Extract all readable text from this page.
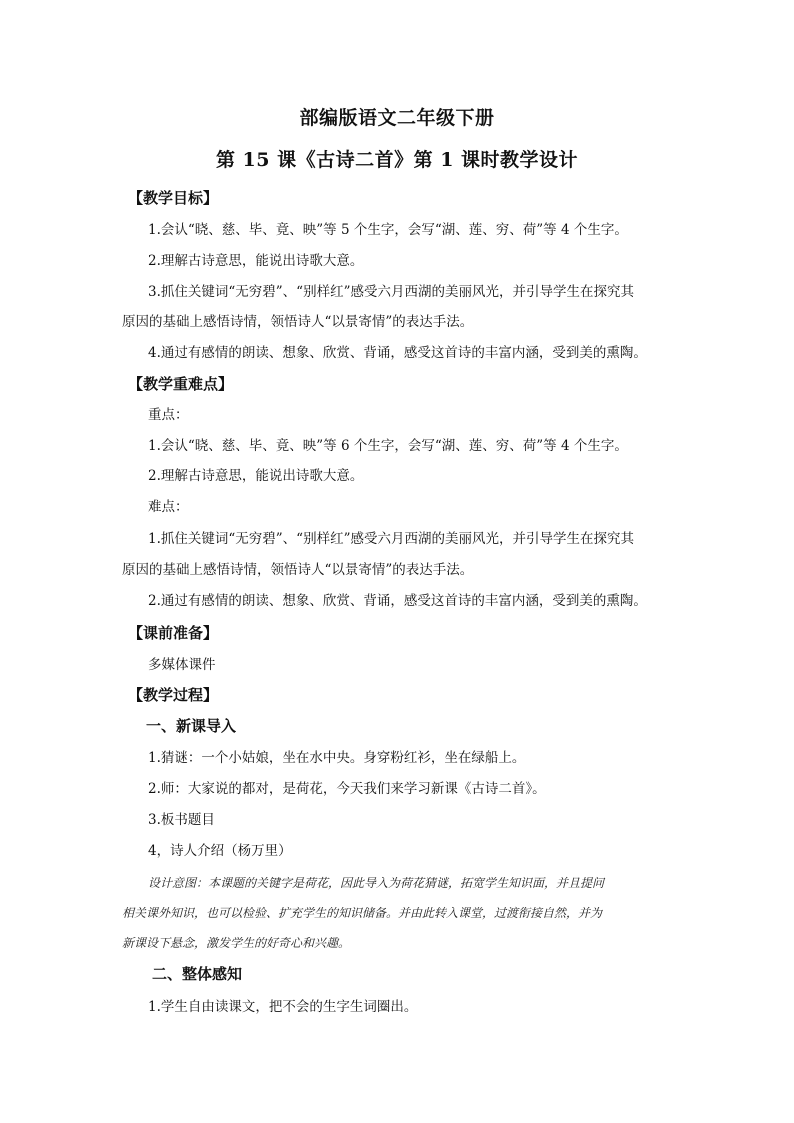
部编版语文二年级下册
第 15 课《古诗二首》第 1 课时教学设计
【教学目标】
1.会认“晓、慈、毕、竟、映”等 5 个生字，会写“湖、莲、穷、荷”等 4 个生字。
2.理解古诗意思，能说出诗歌大意。
3.抓住关键词“无穷碧”、“别样红”感受六月西湖的美丽风光，并引导学生在探究其
原因的基础上感悟诗情，领悟诗人“以景寄情”的表达手法。
4.通过有感情的朗读、想象、欣赏、背诵，感受这首诗的丰富内涵，受到美的熏陶。
【教学重难点】
重点：
1.会认“晓、慈、毕、竟、映”等 6 个生字，会写“湖、莲、穷、荷”等 4 个生字。
2.理解古诗意思，能说出诗歌大意。
难点：
1.抓住关键词“无穷碧”、“别样红”感受六月西湖的美丽风光，并引导学生在探究其
原因的基础上感悟诗情，领悟诗人“以景寄情”的表达手法。
2.通过有感情的朗读、想象、欣赏、背诵，感受这首诗的丰富内涵，受到美的熏陶。
【课前准备】
多媒体课件
【教学过程】
一、新课导入
1.猜谜：一个小姑娘，坐在水中央。身穿粉红衫，坐在绿船上。
2.师：大家说的都对，是荷花，今天我们来学习新课《古诗二首》。
3.板书题目
4，诗人介绍（杨万里）
设计意图：本课题的关键字是荷花，因此导入为荷花猜谜，拓宽学生知识面，并且提问
相关课外知识，也可以检验、扩充学生的知识储备。并由此转入课堂，过渡衔接自然，并为
新课设下悬念，激发学生的好奇心和兴趣。
二、整体感知
1.学生自由读课文，把不会的生字生词圈出。
